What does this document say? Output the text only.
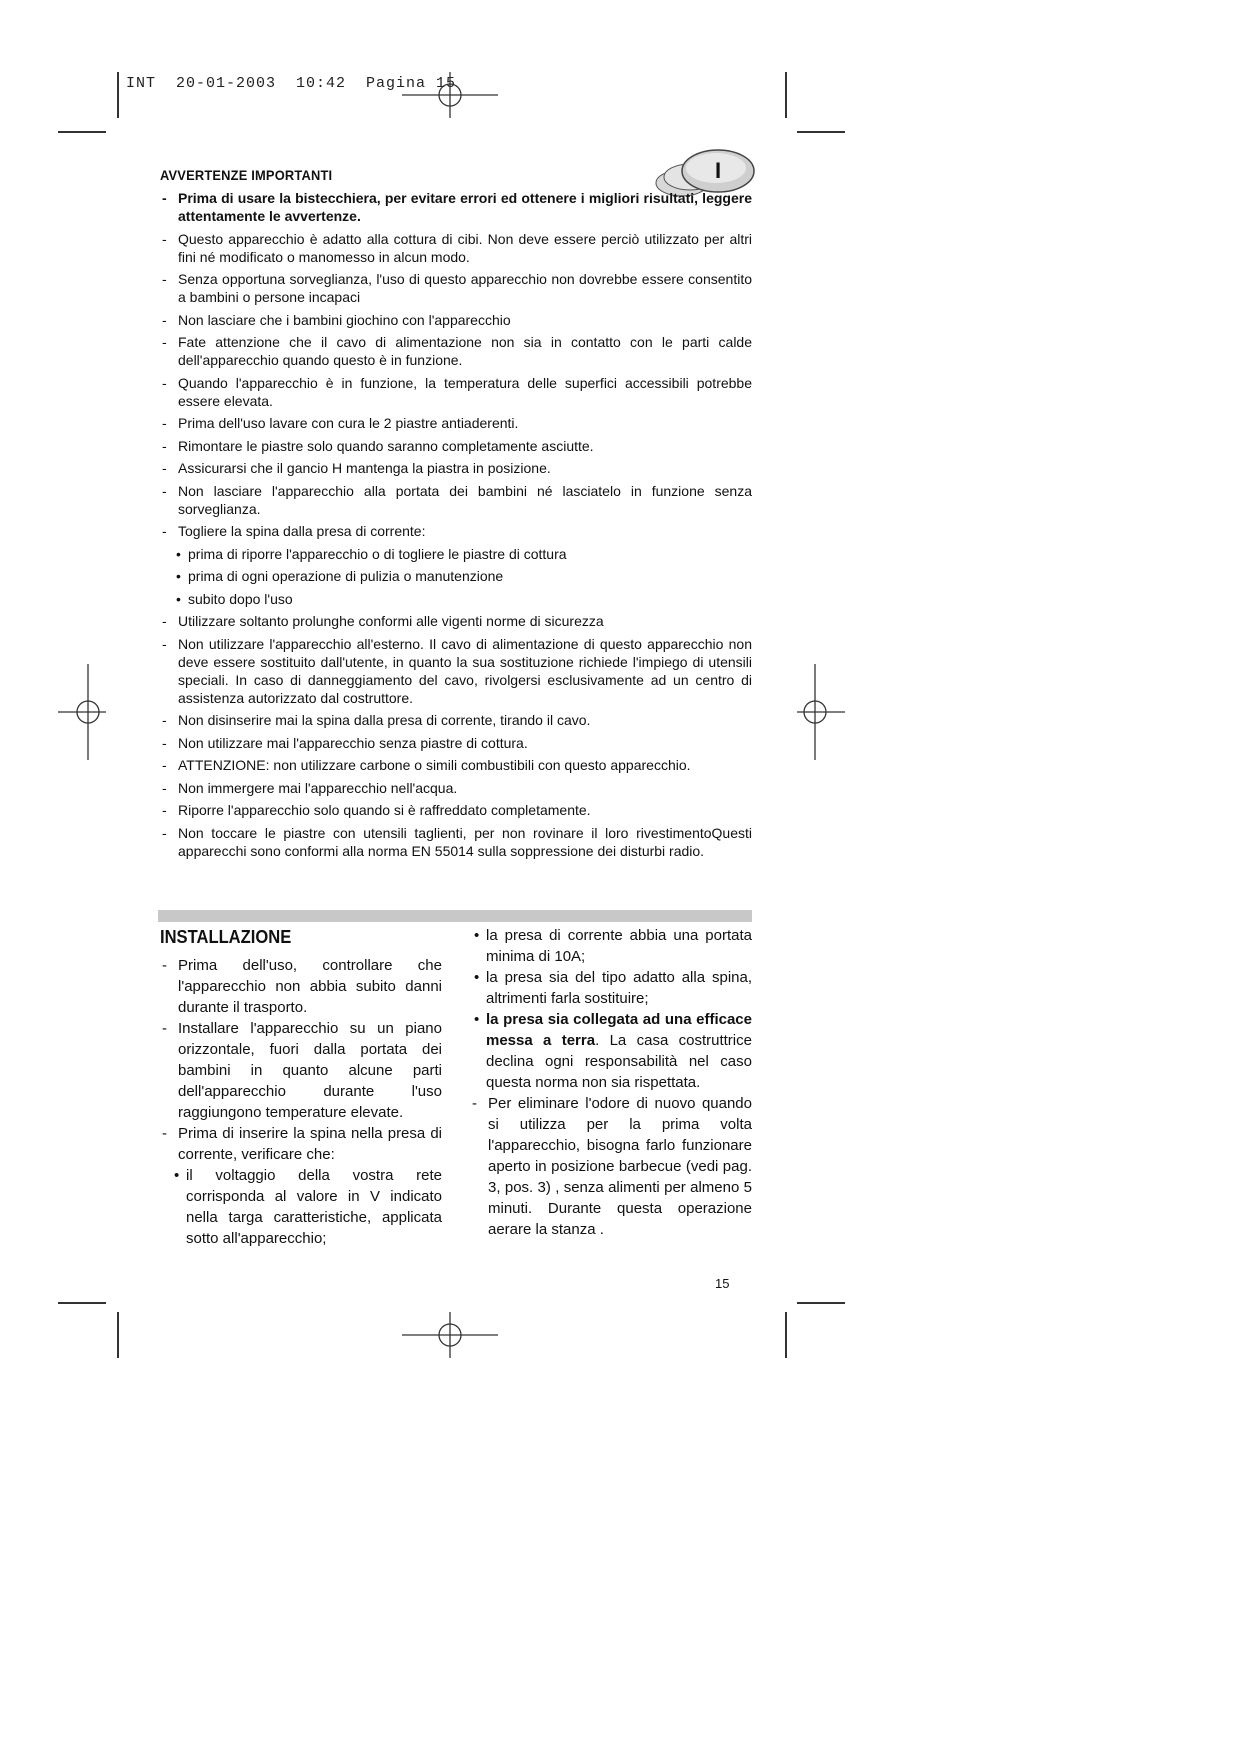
INT  20-01-2003  10:42  Pagina 15
I
AVVERTENZE IMPORTANTI
- Prima di usare la bistecchiera, per evitare errori ed ottenere i migliori risultati, leggere attentamente le avvertenze.
- Questo apparecchio è adatto alla cottura di cibi. Non deve essere perciò utilizzato per altri fini né modificato o manomesso in alcun modo.
- Senza opportuna sorveglianza, l'uso di questo apparecchio non dovrebbe essere consentito a bambini o persone incapaci
- Non lasciare che i bambini giochino con l'apparecchio
- Fate attenzione che il cavo di alimentazione non sia in contatto con le parti calde dell'apparecchio quando questo è in funzione.
- Quando l'apparecchio è in funzione, la temperatura delle superfici accessibili potrebbe essere elevata.
- Prima dell'uso lavare con cura le 2 piastre antiaderenti.
- Rimontare le piastre solo quando saranno completamente asciutte.
- Assicurarsi che il gancio H mantenga la piastra in posizione.
- Non lasciare l'apparecchio alla portata dei bambini né lasciatelo in funzione senza sorveglianza.
- Togliere la spina dalla presa di corrente:
• prima di riporre l'apparecchio o di togliere le piastre di cottura
• prima di ogni operazione di pulizia o manutenzione
• subito dopo l'uso
- Utilizzare soltanto prolunghe conformi alle vigenti norme di sicurezza
- Non utilizzare l'apparecchio all'esterno. Il cavo di alimentazione di questo apparecchio non deve essere sostituito dall'utente, in quanto la sua sostituzione richiede l'impiego di utensili speciali. In caso di danneggiamento del cavo, rivolgersi esclusivamente ad un centro di assistenza autorizzato dal costruttore.
- Non disinserire mai la spina dalla presa di corrente, tirando il cavo.
- Non utilizzare mai l'apparecchio senza piastre di cottura.
- ATTENZIONE: non utilizzare carbone o simili combustibili con questo apparecchio.
- Non immergere mai l'apparecchio nell'acqua.
- Riporre l'apparecchio solo quando si è raffreddato completamente.
- Non toccare le piastre con utensili taglienti, per non rovinare il loro rivestimentoQuesti apparecchi sono conformi alla norma EN 55014 sulla soppressione dei disturbi radio.
INSTALLAZIONE
- Prima dell'uso, controllare che l'apparecchio non abbia subito danni durante il trasporto.
- Installare l'apparecchio su un piano orizzontale, fuori dalla portata dei bambini in quanto alcune parti dell'apparecchio durante l'uso raggiungono temperature elevate.
- Prima di inserire la spina nella presa di corrente, verificare che:
• il voltaggio della vostra rete corrisponda al valore in V indicato nella targa caratteristiche, applicata sotto all'apparecchio;
• la presa di corrente abbia una portata minima di 10A;
• la presa sia del tipo adatto alla spina, altrimenti farla sostituire;
• la presa sia collegata ad una efficace messa a terra. La casa costruttrice declina ogni responsabilità nel caso questa norma non sia rispettata.
- Per eliminare l'odore di nuovo quando si utilizza per la prima volta l'apparecchio, bisogna farlo funzionare aperto in posizione barbecue (vedi pag. 3, pos. 3) , senza alimenti per almeno 5 minuti. Durante questa operazione aerare la stanza .
15
